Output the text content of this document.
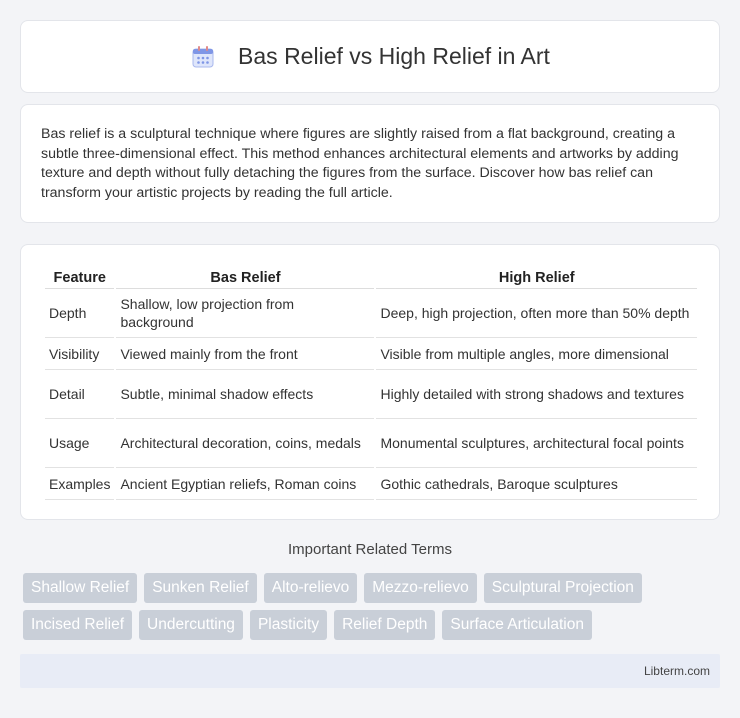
Bas Relief vs High Relief in Art

Bas relief is a sculptural technique where figures are slightly raised from a flat background, creating a subtle three-dimensional effect. This method enhances architectural elements and artworks by adding texture and depth without fully detaching the figures from the surface. Discover how bas relief can transform your artistic projects by reading the full article.

Feature	Bas Relief	High Relief
Depth	Shallow, low projection from background	Deep, high projection, often more than 50% depth
Visibility	Viewed mainly from the front	Visible from multiple angles, more dimensional
Detail	Subtle, minimal shadow effects	Highly detailed with strong shadows and textures
Usage	Architectural decoration, coins, medals	Monumental sculptures, architectural focal points
Examples	Ancient Egyptian reliefs, Roman coins	Gothic cathedrals, Baroque sculptures
Important Related Terms
Shallow Relief	Sunken Relief	Alto-relievo	Mezzo-relievo	Sculptural Projection
Incised Relief	Undercutting	Plasticity	Relief Depth	Surface Articulation
Libterm.com
